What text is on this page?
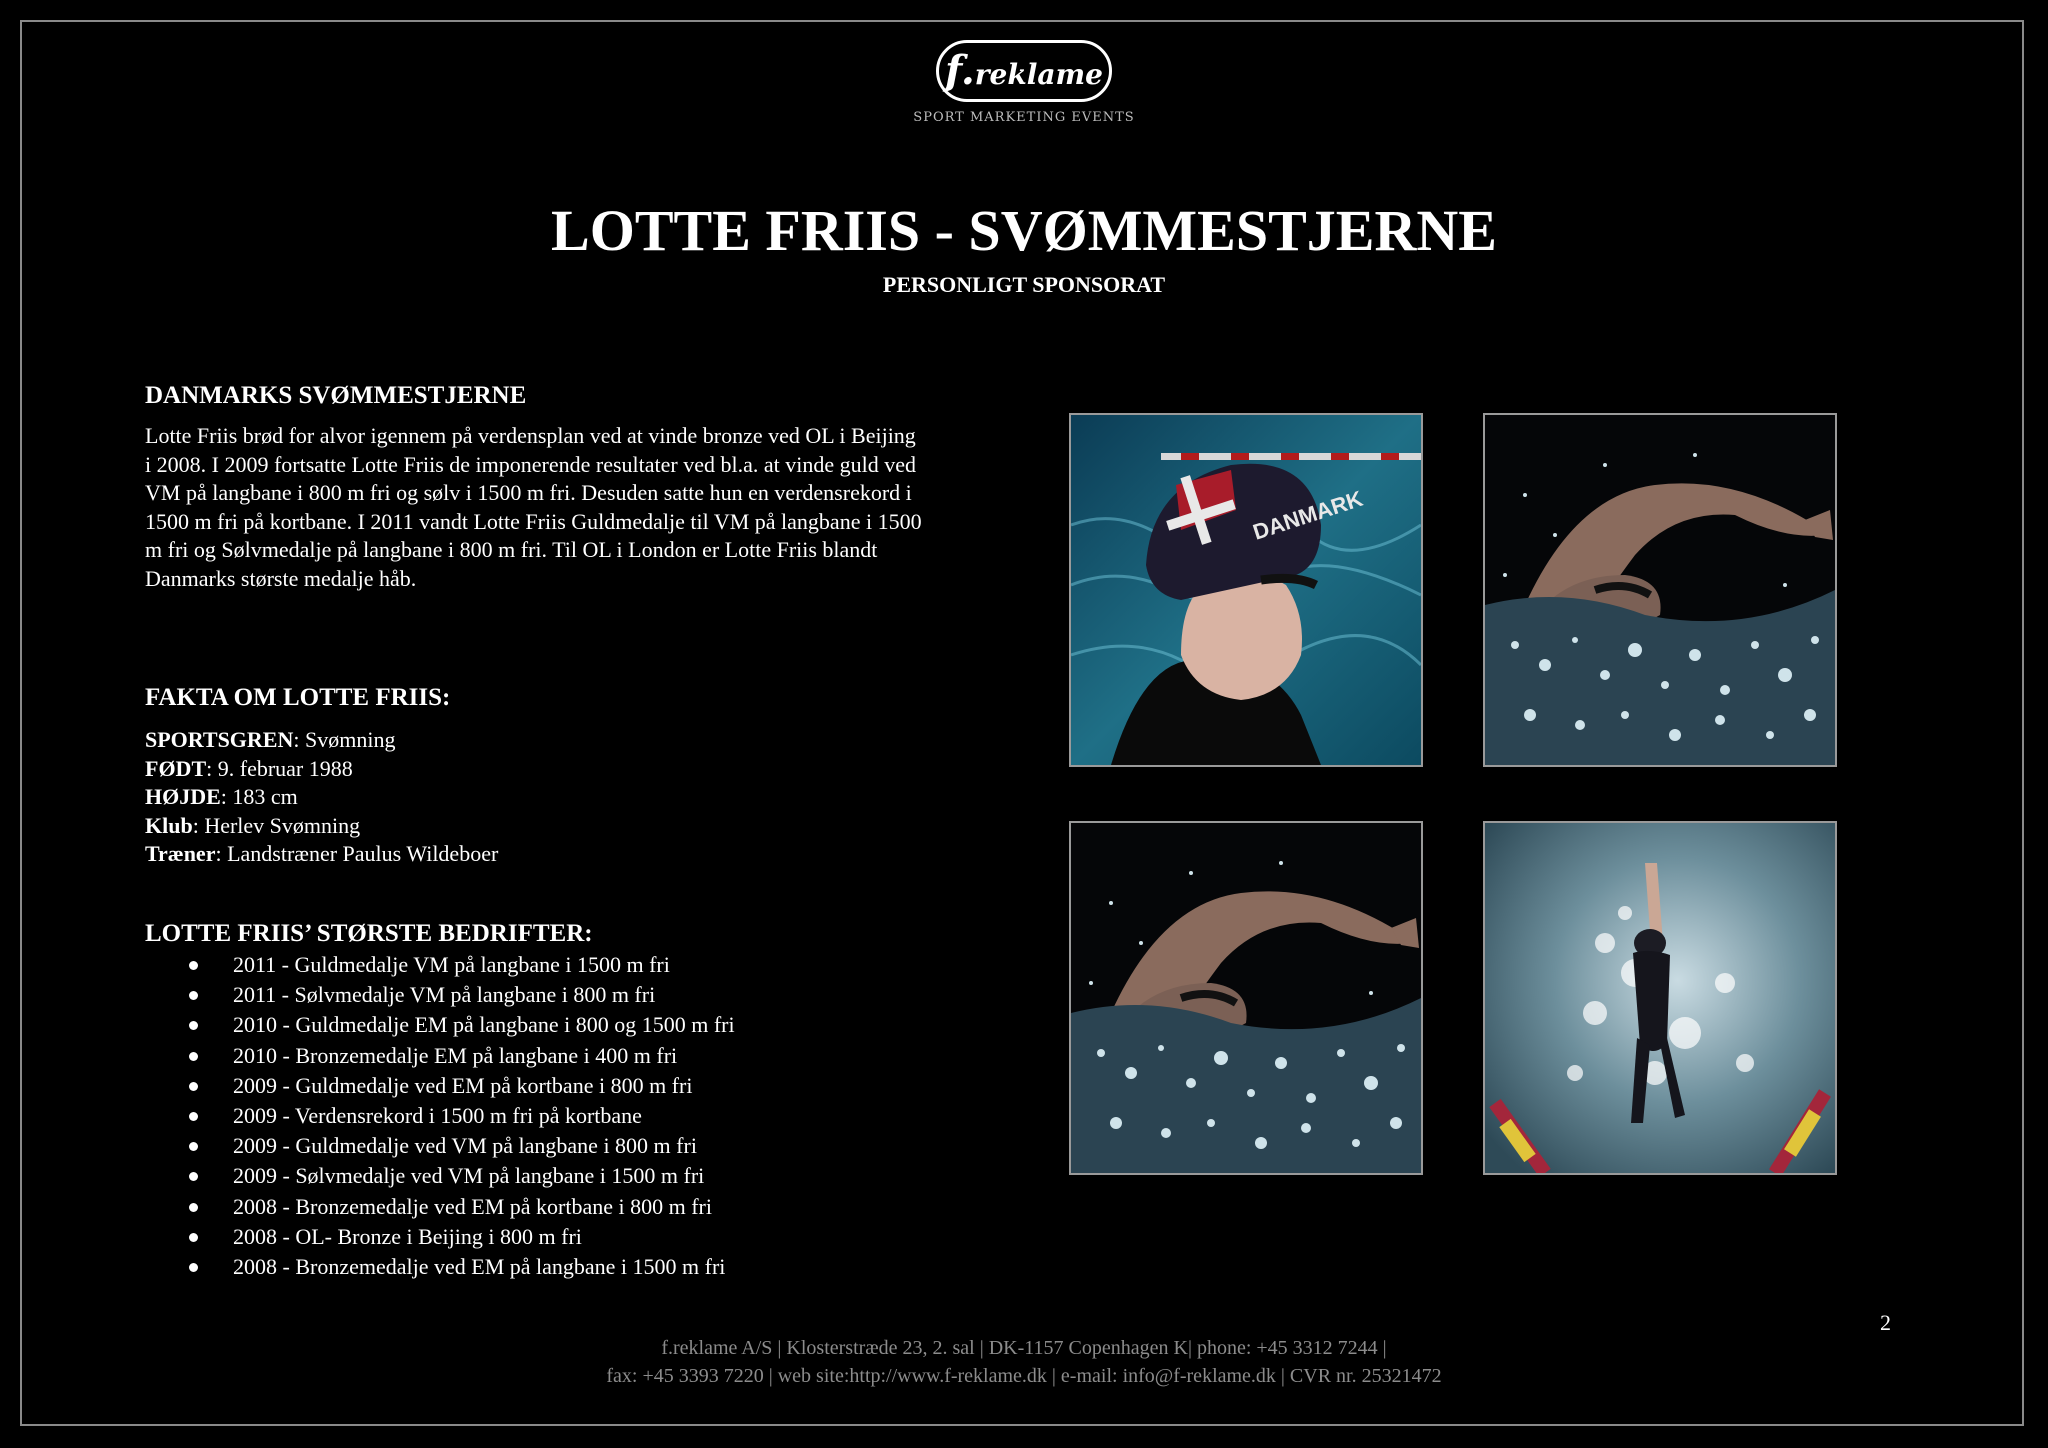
f.reklame
SPORT MARKETING EVENTS
LOTTE FRIIS - SVØMMESTJERNE
PERSONLIGT SPONSORAT
DANMARKS SVØMMESTJERNE

Lotte Friis brød for alvor igennem på verdensplan ved at vinde bronze ved OL i Beijing i 2008. I 2009 fortsatte Lotte Friis de imponerende resultater ved bl.a. at vinde guld ved VM på langbane i 800 m fri og sølv i 1500 m fri. Desuden satte hun en verdensrekord i 1500 m fri på kortbane. I 2011 vandt Lotte Friis Guldmedalje til VM på langbane i 1500 m fri og Sølvmedalje på langbane i 800 m fri. Til OL i London er Lotte Friis blandt Danmarks største medalje håb.

FAKTA OM LOTTE FRIIS:
SPORTSGREN: Svømning
FØDT: 9. februar 1988
HØJDE: 183 cm
Klub: Herlev Svømning
Træner: Landstræner Paulus Wildeboer
LOTTE FRIIS’ STØRSTE BEDRIFTER:
2011 - Guldmedalje VM på langbane i 1500 m fri
2011 - Sølvmedalje VM på langbane i 800 m fri
2010 - Guldmedalje EM på langbane i 800 og 1500 m fri
2010 - Bronzemedalje EM på langbane i 400 m fri
2009 - Guldmedalje ved EM på kortbane i 800 m fri
2009 - Verdensrekord i 1500 m fri på kortbane
2009 - Guldmedalje ved VM på langbane i 800 m fri
2009 - Sølvmedalje ved VM på langbane i 1500 m fri
2008 - Bronzemedalje ved EM på kortbane i 800 m fri
2008 - OL- Bronze i Beijing i 800 m fri
2008 - Bronzemedalje ved EM på langbane i 1500 m fri
DANMARK
2
f.reklame A/S | Klosterstræde 23, 2. sal | DK-1157 Copenhagen K| phone: +45 3312 7244 |
fax: +45 3393 7220 | web site:http://www.f-reklame.dk | e-mail: info@f-reklame.dk | CVR nr. 25321472
